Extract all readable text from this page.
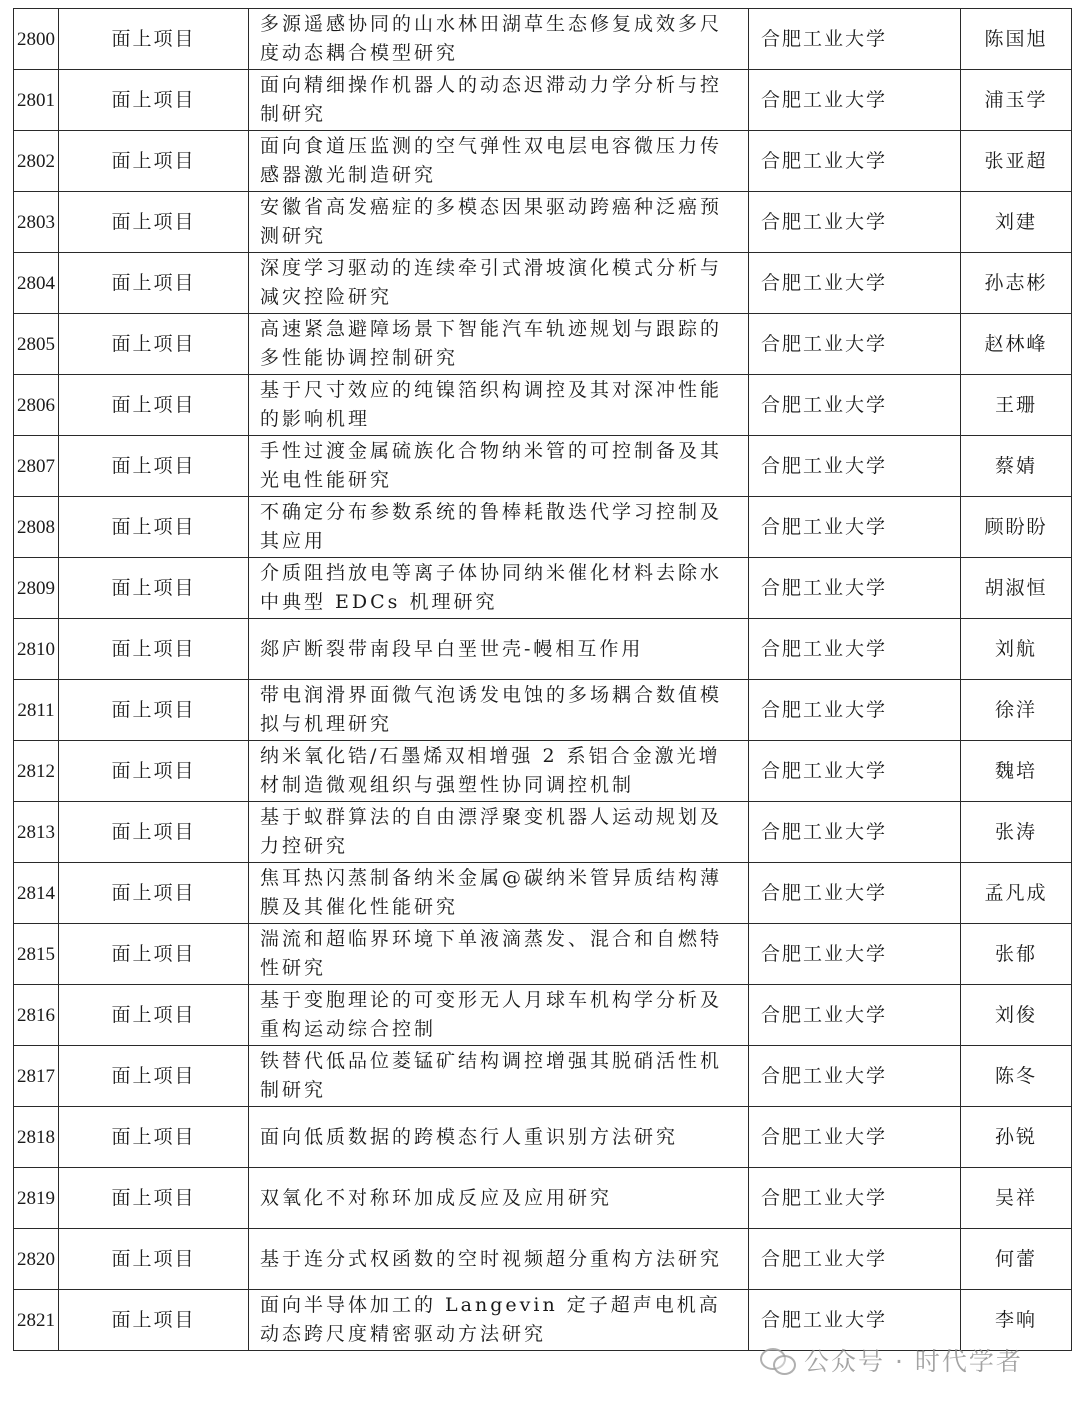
2800	面上项目	多源遥感协同的山水林田湖草生态修复成效多尺度动态耦合模型研究	合肥工业大学	陈国旭
2801	面上项目	面向精细操作机器人的动态迟滞动力学分析与控制研究	合肥工业大学	浦玉学
2802	面上项目	面向食道压监测的空气弹性双电层电容微压力传感器激光制造研究	合肥工业大学	张亚超
2803	面上项目	安徽省高发癌症的多模态因果驱动跨癌种泛癌预测研究	合肥工业大学	刘建
2804	面上项目	深度学习驱动的连续牵引式滑坡演化模式分析与减灾控险研究	合肥工业大学	孙志彬
2805	面上项目	高速紧急避障场景下智能汽车轨迹规划与跟踪的多性能协调控制研究	合肥工业大学	赵林峰
2806	面上项目	基于尺寸效应的纯镍箔织构调控及其对深冲性能的影响机理	合肥工业大学	王珊
2807	面上项目	手性过渡金属硫族化合物纳米管的可控制备及其光电性能研究	合肥工业大学	蔡婧
2808	面上项目	不确定分布参数系统的鲁棒耗散迭代学习控制及其应用	合肥工业大学	顾盼盼
2809	面上项目	介质阻挡放电等离子体协同纳米催化材料去除水中典型 EDCs 机理研究	合肥工业大学	胡淑恒
2810	面上项目	郯庐断裂带南段早白垩世壳-幔相互作用	合肥工业大学	刘航
2811	面上项目	带电润滑界面微气泡诱发电蚀的多场耦合数值模拟与机理研究	合肥工业大学	徐洋
2812	面上项目	纳米氧化锆/石墨烯双相增强 2 系铝合金激光增材制造微观组织与强塑性协同调控机制	合肥工业大学	魏培
2813	面上项目	基于蚁群算法的自由漂浮聚变机器人运动规划及力控研究	合肥工业大学	张涛
2814	面上项目	焦耳热闪蒸制备纳米金属@碳纳米管异质结构薄膜及其催化性能研究	合肥工业大学	孟凡成
2815	面上项目	湍流和超临界环境下单液滴蒸发、混合和自燃特性研究	合肥工业大学	张郁
2816	面上项目	基于变胞理论的可变形无人月球车机构学分析及重构运动综合控制	合肥工业大学	刘俊
2817	面上项目	铁替代低品位菱锰矿结构调控增强其脱硝活性机制研究	合肥工业大学	陈冬
2818	面上项目	面向低质数据的跨模态行人重识别方法研究	合肥工业大学	孙锐
2819	面上项目	双氧化不对称环加成反应及应用研究	合肥工业大学	吴祥
2820	面上项目	基于连分式权函数的空时视频超分重构方法研究	合肥工业大学	何蕾
2821	面上项目	面向半导体加工的 Langevin 定子超声电机高动态跨尺度精密驱动方法研究	合肥工业大学	李响
公众号 · 时代学者
